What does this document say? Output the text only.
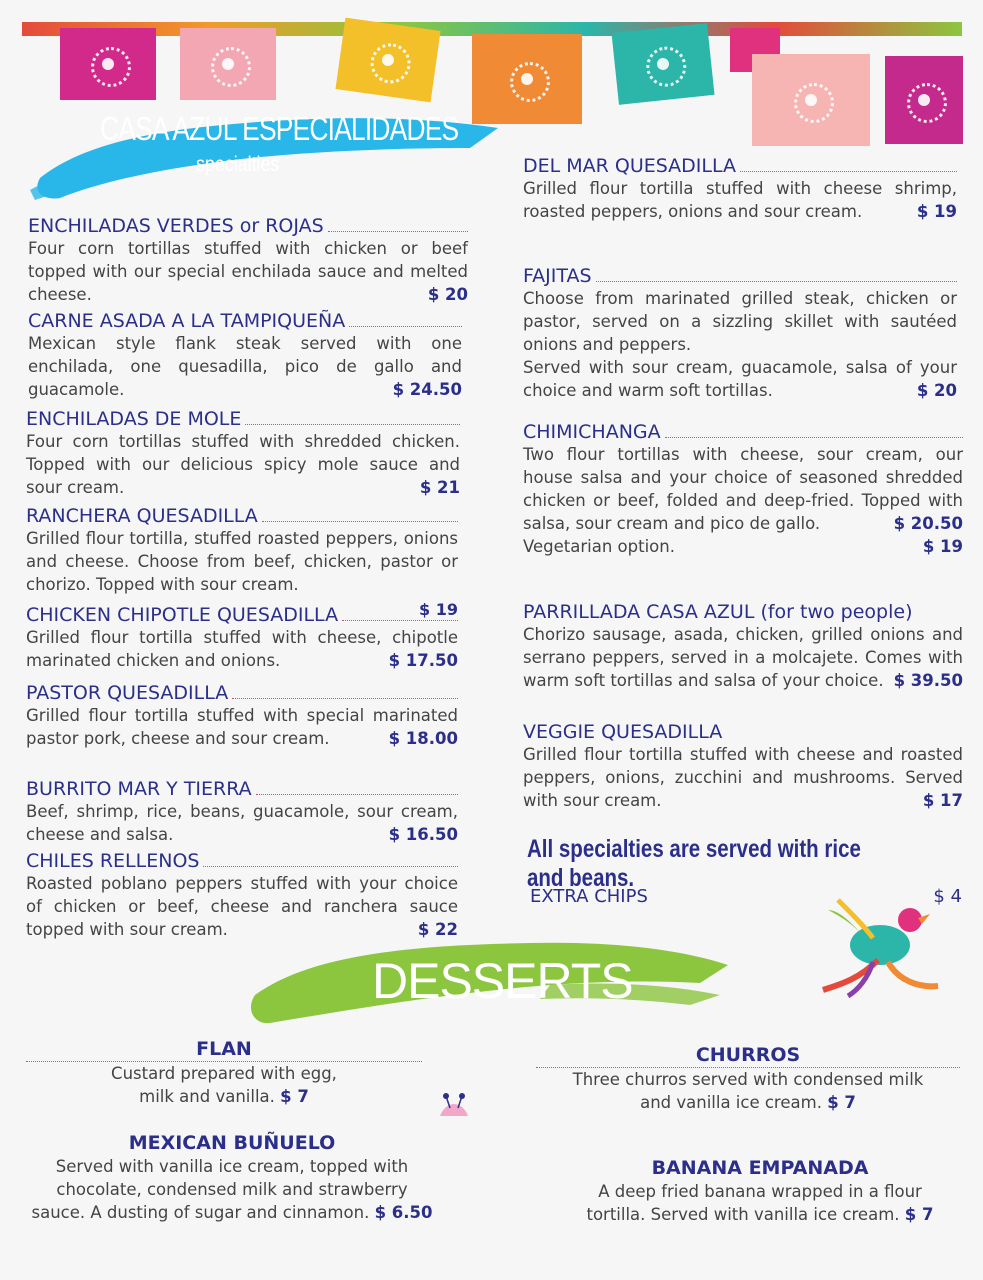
CASA AZUL ESPECIALIDADES
specialties
ENCHILADAS VERDES or ROJAS
Four corn tortillas stuffed with chicken or beef topped with our special enchilada sauce and melted cheese.	$ 20
CARNE ASADA A LA TAMPIQUEÑA
Mexican style flank steak served with one enchilada, one quesadilla, pico de gallo and guacamole.	$ 24.50
ENCHILADAS DE MOLE
Four corn tortillas stuffed with shredded chicken. Topped with our delicious spicy mole sauce and sour cream.	$ 21
RANCHERA QUESADILLA
Grilled flour tortilla, stuffed roasted peppers, onions and cheese. Choose from beef, chicken, pastor or chorizo. Topped with sour cream.
$ 19
CHICKEN CHIPOTLE QUESADILLA
Grilled flour tortilla stuffed with cheese, chipotle marinated chicken and onions.	$ 17.50
PASTOR QUESADILLA
Grilled flour tortilla stuffed with special marinated pastor pork, cheese and sour cream.	$ 18.00
BURRITO MAR Y TIERRA
Beef, shrimp, rice, beans, guacamole, sour cream, cheese and salsa.	$ 16.50
CHILES RELLENOS
Roasted poblano peppers stuffed with your choice of chicken or beef, cheese and ranchera sauce topped with sour cream.	$ 22
DEL MAR QUESADILLA
Grilled flour tortilla stuffed with cheese shrimp, roasted peppers, onions and sour cream.	$ 19
FAJITAS
Choose from marinated grilled steak, chicken or pastor, served on a sizzling skillet with sautéed onions and peppers.
Served with sour cream, guacamole, salsa of your choice and warm soft tortillas.	$ 20
CHIMICHANGA
Two flour tortillas with cheese, sour cream, our house salsa and your choice of seasoned shredded chicken or beef, folded and deep-fried. Topped with salsa, sour cream and pico de gallo.	$ 20.50
Vegetarian option.	$ 19
PARRILLADA CASA AZUL (for two people)
Chorizo sausage, asada, chicken, grilled onions and serrano peppers, served in a molcajete. Comes with warm soft tortillas and salsa of your choice. $ 39.50
VEGGIE QUESADILLA
Grilled flour tortilla stuffed with cheese and roasted peppers, onions, zucchini and mushrooms. Served with sour cream.	$ 17
All specialties are served with rice and beans.
EXTRA CHIPS	$ 4
DESSERTS
FLAN
Custard prepared with egg,
milk and vanilla. $ 7
CHURROS
Three churros served with condensed milk
and vanilla ice cream. $ 7
MEXICAN BUÑUELO
Served with vanilla ice cream, topped with
chocolate, condensed milk and strawberry
sauce. A dusting of sugar and cinnamon. $ 6.50
BANANA EMPANADA
A deep fried banana wrapped in a flour
tortilla. Served with vanilla ice cream. $ 7
